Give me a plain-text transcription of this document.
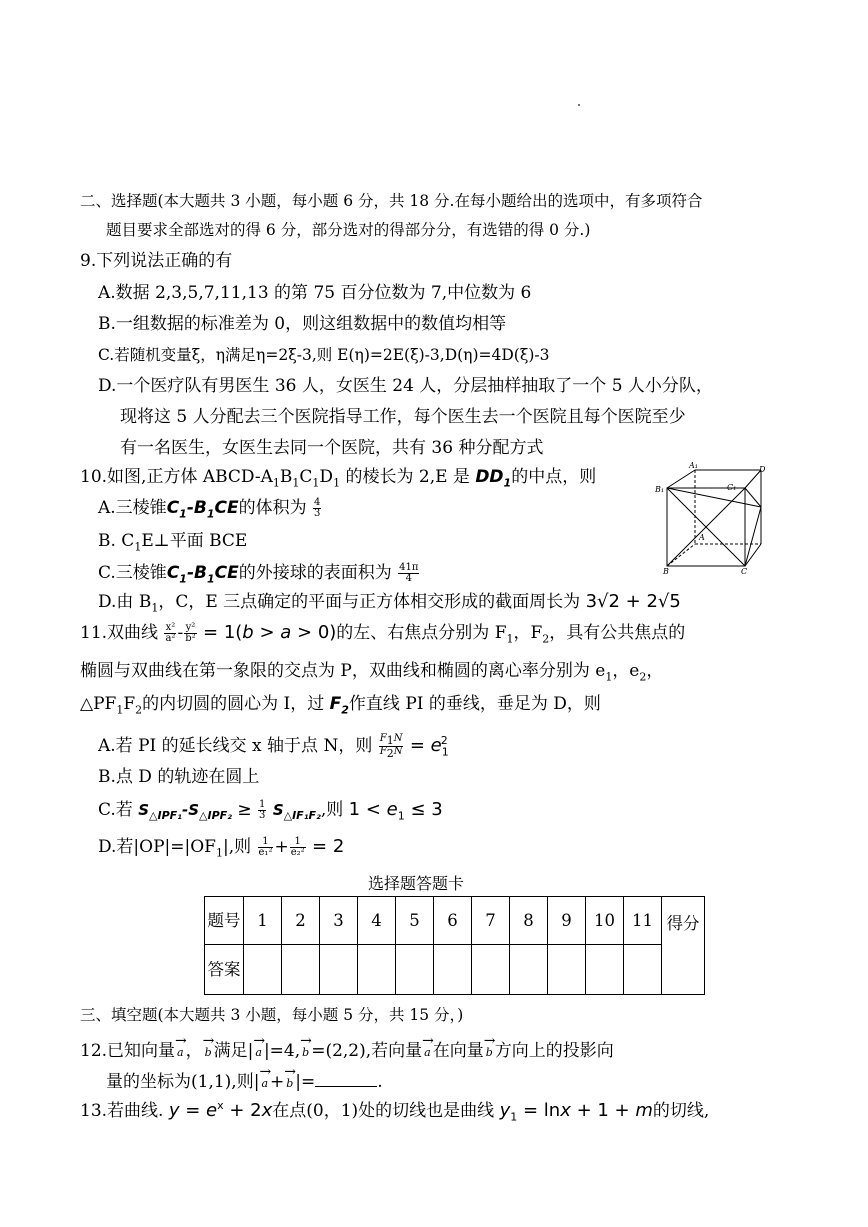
二、选择题(本大题共 3 小题，每小题 6 分，共 18 分.在每小题给出的选项中，有多项符合
题目要求全部选对的得 6 分，部分选对的得部分分，有选错的得 0 分.)
9.下列说法正确的有
A.数据 2,3,5,7,11,13 的第 75 百分位数为 7,中位数为 6
B.一组数据的标准差为 0，则这组数据中的数值均相等
C.若随机变量ξ，η满足η=2ξ-3,则 E(η)=2E(ξ)-3,D(η)=4D(ξ)-3
D.一个医疗队有男医生 36 人，女医生 24 人，分层抽样抽取了一个 5 人小分队，
现将这 5 人分配去三个医院指导工作，每个医生去一个医院且每个医院至少
有一名医生，女医生去同一个医院，共有 36 种分配方式
10.如图,正方体 ABCD-$A_1B_1C_1D_1$ 的棱长为 2,E 是 $DD_1$的中点，则
A.三棱锥$C_1-B_1CE$的体积为 $\frac{4}{3}$
B. $C_1E\perp$平面 BCE
C.三棱锥$C_1-B_1CE$的外接球的表面积为 $\frac{41\pi}{4}$
D.由 $B_1$，C，E 三点确定的平面与正方体相交形成的截面周长为 3√2 + 2√5
A₁	D
B₁	C₁
A
B	C
11.双曲线 $\frac{\text{x²}}{\text{a²}} - \frac{\text{y²}}{\text{b²}} = 1(b > a > 0)$的左、右焦点分别为 $F_1$，$F_2$，具有公共焦点的
椭圆与双曲线在第一象限的交点为 P，双曲线和椭圆的离心率分别为 $e_1$，$e_2$，
$\triangle PF_1F_2$的内切圆的圆心为 I，过 $F_2$作直线 PI 的垂线，垂足为 D，则
A.若 PI 的延长线交 x 轴于点 N，则 $\frac{F_1N}{F_2N} = e_1^2$
B.点 D 的轨迹在圆上
C.若 $S_{\triangle IPF_1}-S_{\triangle IPF_2} \ge \frac{1}{3} S_{\triangle IF_1F_2}$,则 $1 < e_1 \le 3$
D.若$|OP|=|OF_1|$,则 $\frac{1}{\text{e₁²}} + \frac{1}{\text{e₂²}} = 2$
选择题答题卡
题号	1	2	3	4	5	6	7	8	9	10	11	得分

答案												
三、填空题(本大题共 3 小题，每小题 5 分，共 15 分，)
12.已知向量 → a ， → b 满足| → a |=4, → b =(2,2),若向量 → a 在向量 → b 方向上的投影向
量的坐标为(1,1),则| → a + → b |=	.
13.若曲线. $y = e^x + 2x$在点(0，1)处的切线也是曲线 $y_1 = \ln x + 1 + m$的切线,
